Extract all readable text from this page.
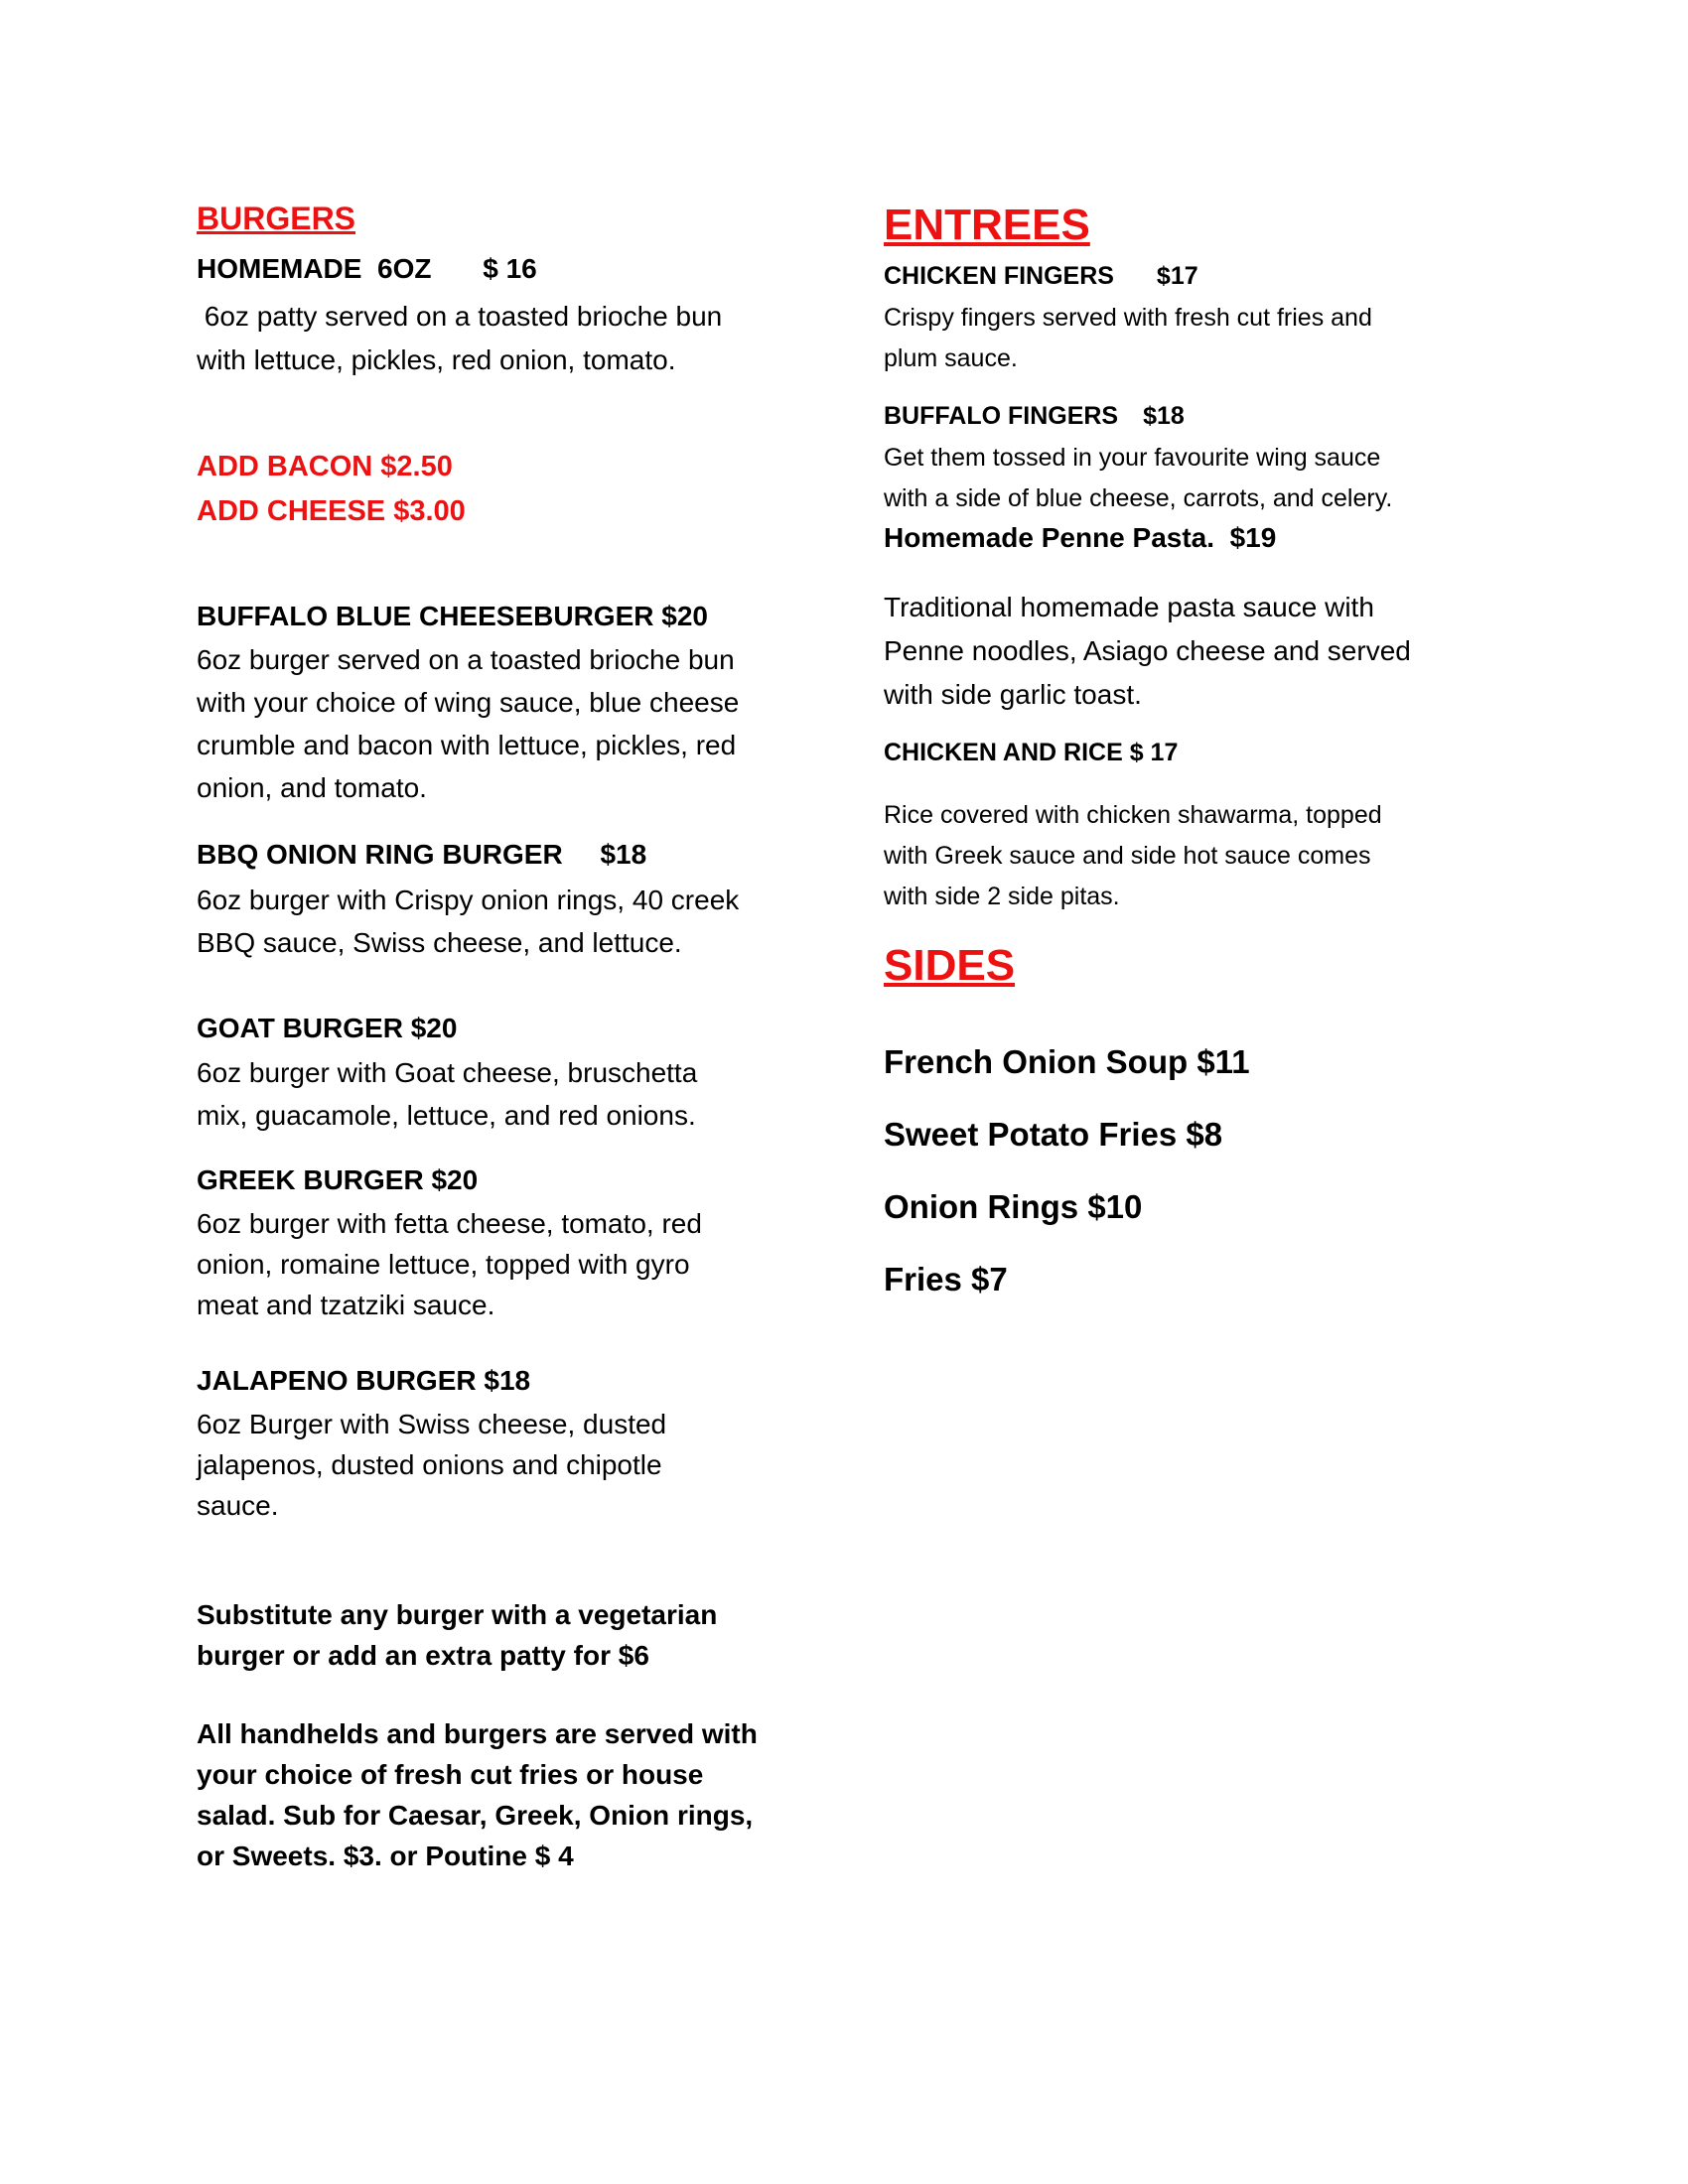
BURGERS
HOMEMADE  6OZ $ 16
6oz patty served on a toasted brioche bun
with lettuce, pickles, red onion, tomato.
ADD BACON $2.50
ADD CHEESE $3.00
BUFFALO BLUE CHEESEBURGER $20
6oz burger served on a toasted brioche bun
with your choice of wing sauce, blue cheese
crumble and bacon with lettuce, pickles, red
onion, and tomato.
BBQ ONION RING BURGER $18
6oz burger with Crispy onion rings, 40 creek
BBQ sauce, Swiss cheese, and lettuce.
GOAT BURGER $20
6oz burger with Goat cheese, bruschetta
mix, guacamole, lettuce, and red onions.
GREEK BURGER $20
6oz burger with fetta cheese, tomato, red
onion, romaine lettuce, topped with gyro
meat and tzatziki sauce.
JALAPENO BURGER $18
6oz Burger with Swiss cheese, dusted
jalapenos, dusted onions and chipotle
sauce.
Substitute any burger with a vegetarian
burger or add an extra patty for $6
All handhelds and burgers are served with
your choice of fresh cut fries or house
salad. Sub for Caesar, Greek, Onion rings,
or Sweets. $3. or Poutine $ 4
ENTREES
CHICKEN FINGERS $17
Crispy fingers served with fresh cut fries and
plum sauce.
BUFFALO FINGERS $18
Get them tossed in your favourite wing sauce
with a side of blue cheese, carrots, and celery.
Homemade Penne Pasta.  $19
Traditional homemade pasta sauce with
Penne noodles, Asiago cheese and served
with side garlic toast.
CHICKEN AND RICE $ 17
Rice covered with chicken shawarma, topped
with Greek sauce and side hot sauce comes
with side 2 side pitas.
SIDES
French Onion Soup $11
Sweet Potato Fries $8
Onion Rings $10
Fries $7
